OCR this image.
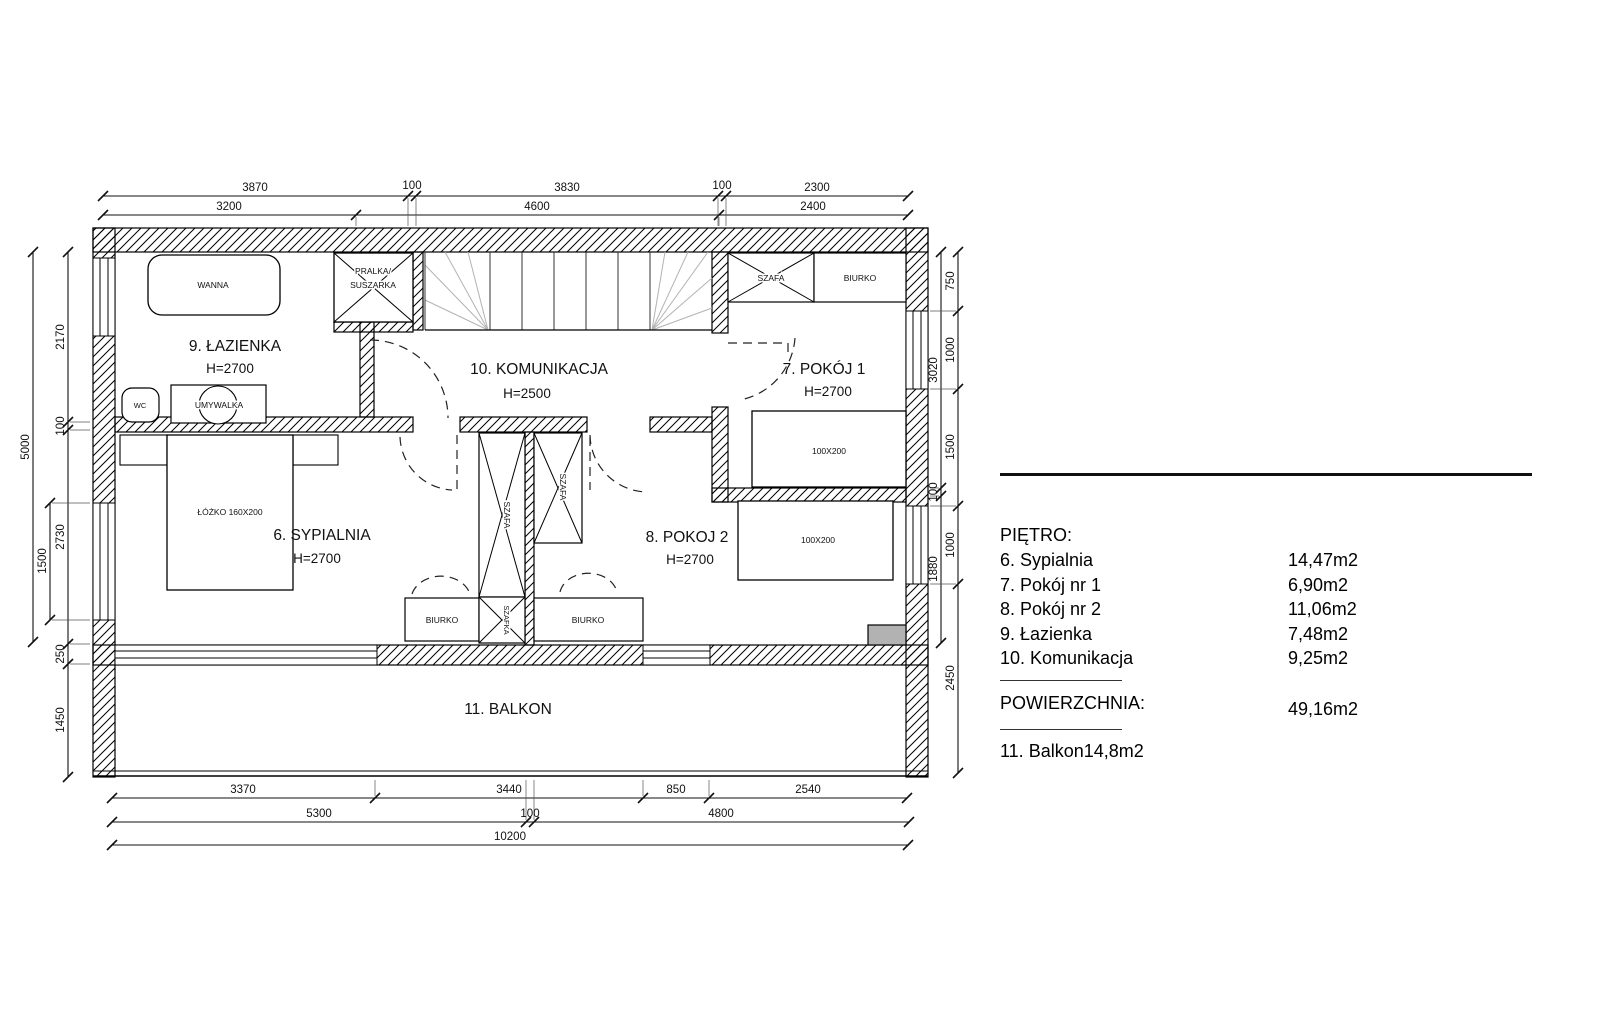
9. ŁAZIENKA
H=2700	10. KOMUNIKACJA
H=2500
7. POKÓJ 1
H=2700
6. SYPIALNIA
H=2700
8. POKOJ 2
H=2700
11. BALKON
WANNA
PRALKA/
SUSZARKA
WC	UMYWALKA
SZAFA	BIURKO
100X200
ŁÓŻKO 160X200
BIURKO
SZAFA
SZAFKA
SZAFA
BIURKO
100X200
3870	100	3830	100	2300
3200	4600	2400
3370	3440	850	2540
5300	100	4800
10200
2170
100
2730
250
1450
1500
5000
3020
100
1880
750
1000
1500
1000
2450
PIĘTRO:
6. Sypialnia	14,47m2
7. Pokój nr 1	6,90m2
8. Pokój nr 2	11,06m2
9. Łazienka	7,48m2
10. Komunikacja	9,25m2
POWIERZCHNIA:	49,16m2
11. Balkon 14,8m2
